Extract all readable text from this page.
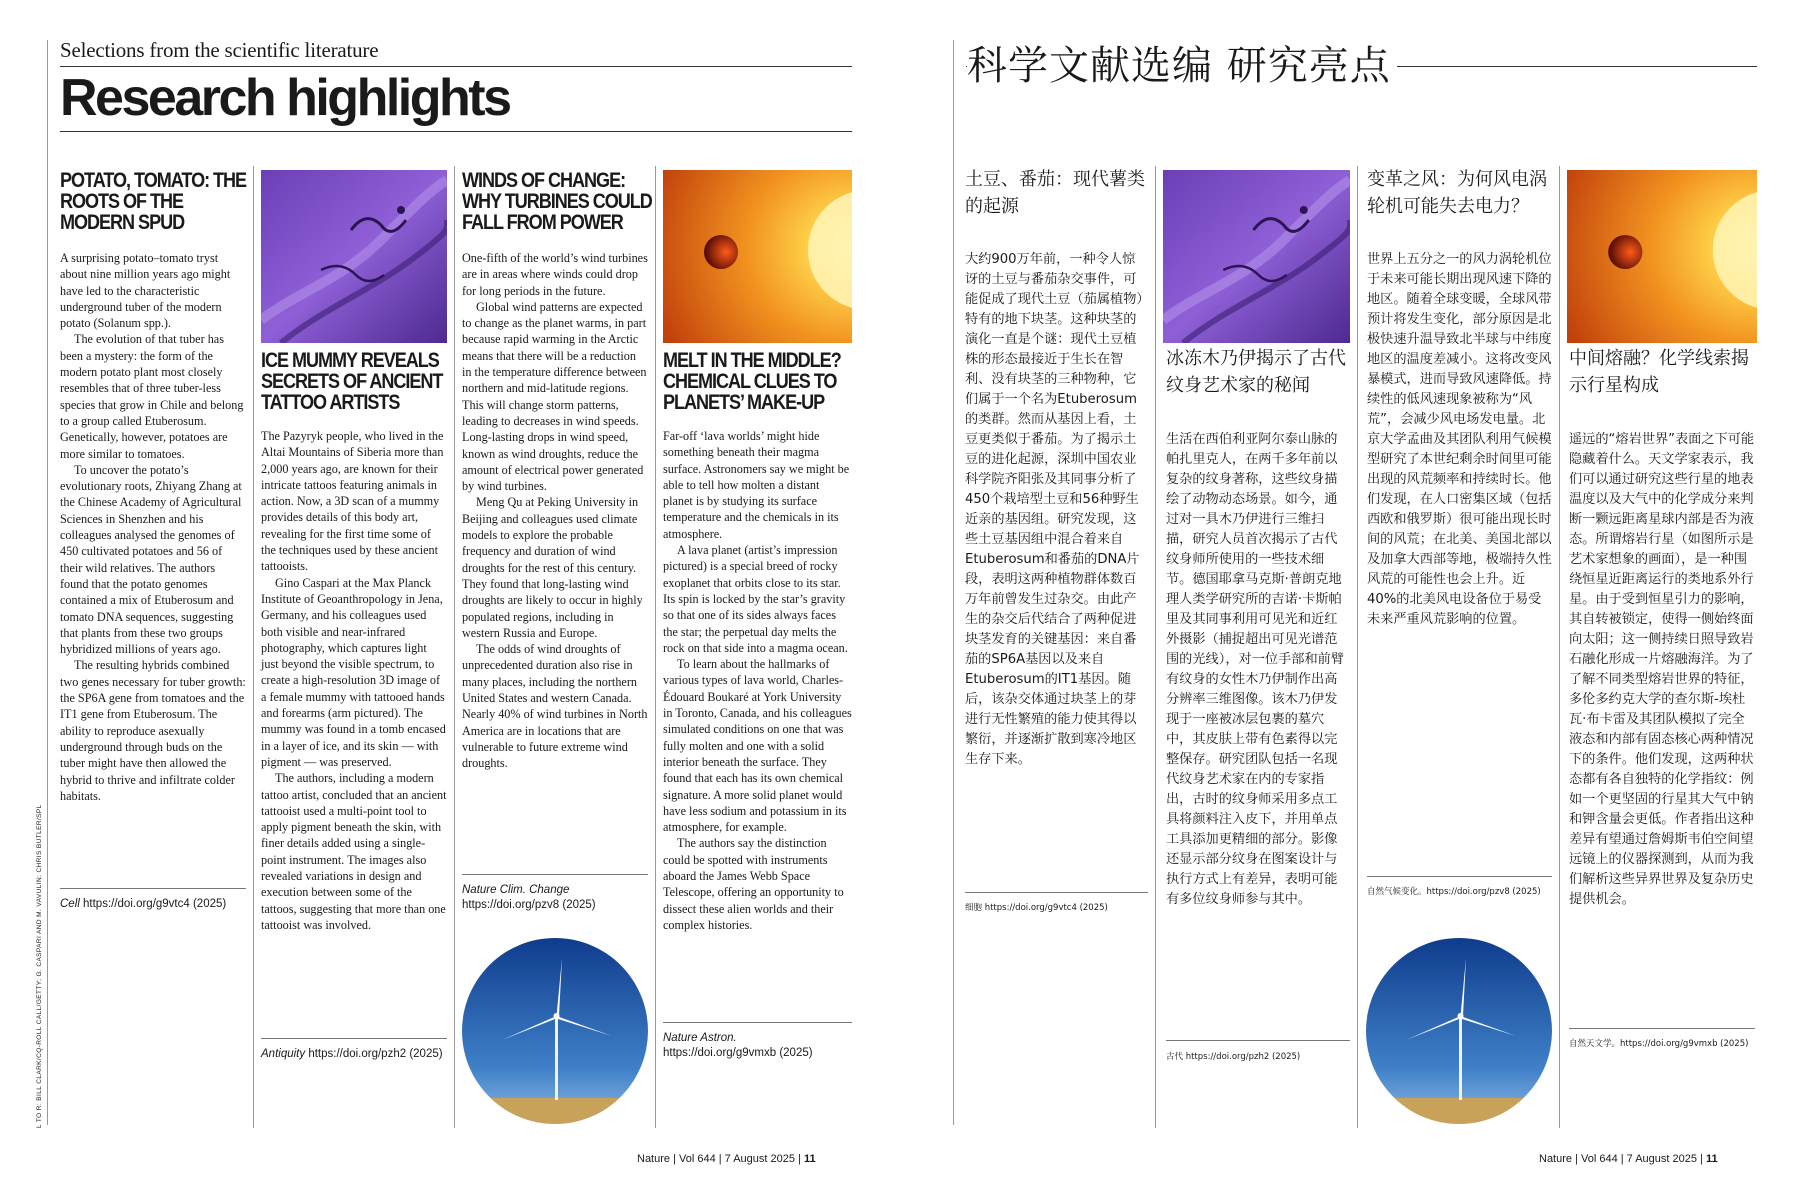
Selections from the scientific literature
Research highlights
POTATO, TOMATO: THE ROOTS OF THE MODERN SPUD

A surprising potato–tomato tryst about nine million years ago might have led to the characteristic underground tuber of the modern potato (Solanum spp.).

The evolution of that tuber has been a mystery: the form of the modern potato plant most closely resembles that of three tuber-less species that grow in Chile and belong to a group called Etuberosum. Genetically, however, potatoes are more similar to tomatoes.

To uncover the potato’s evolutionary roots, Zhiyang Zhang at the Chinese Academy of Agricultural Sciences in Shenzhen and his colleagues analysed the genomes of 450 cultivated potatoes and 56 of their wild relatives. The authors found that the potato genomes contained a mix of Etuberosum and tomato DNA sequences, suggesting that plants from these two groups hybridized millions of years ago.

The resulting hybrids combined two genes necessary for tuber growth: the SP6A gene from tomatoes and the IT1 gene from Etuberosum. The ability to reproduce asexually underground through buds on the tuber might have then allowed the hybrid to thrive and infiltrate colder habitats.

Cell https://doi.org/g9vtc4 (2025)
ICE MUMMY REVEALS SECRETS OF ANCIENT TATTOO ARTISTS

The Pazyryk people, who lived in the Altai Mountains of Siberia more than 2,000 years ago, are known for their intricate tattoos featuring animals in action. Now, a 3D scan of a mummy provides details of this body art, revealing for the first time some of the techniques used by these ancient tattooists.

Gino Caspari at the Max Planck Institute of Geoanthropology in Jena, Germany, and his colleagues used both visible and near-infrared photography, which captures light just beyond the visible spectrum, to create a high-resolution 3D image of a female mummy with tattooed hands and forearms (arm pictured). The mummy was found in a tomb encased in a layer of ice, and its skin — with pigment — was preserved.

The authors, including a modern tattoo artist, concluded that an ancient tattooist used a multi-point tool to apply pigment beneath the skin, with finer details added using a single-point instrument. The images also revealed variations in design and execution between some of the tattoos, suggesting that more than one tattooist was involved.

Antiquity https://doi.org/pzh2 (2025)
WINDS OF CHANGE: WHY TURBINES COULD FALL FROM POWER

One-fifth of the world’s wind turbines are in areas where winds could drop for long periods in the future.

Global wind patterns are expected to change as the planet warms, in part because rapid warming in the Arctic means that there will be a reduction in the temperature difference between northern and mid-latitude regions. This will change storm patterns, leading to decreases in wind speeds. Long-lasting drops in wind speed, known as wind droughts, reduce the amount of electrical power generated by wind turbines.

Meng Qu at Peking University in Beijing and colleagues used climate models to explore the probable frequency and duration of wind droughts for the rest of this century. They found that long-lasting wind droughts are likely to occur in highly populated regions, including in western Russia and Europe.

The odds of wind droughts of unprecedented duration also rise in many places, including the northern United States and western Canada. Nearly 40% of wind turbines in North America are in locations that are vulnerable to future extreme wind droughts.

Nature Clim. Change https://doi.org/pzv8 (2025)
MELT IN THE MIDDLE? CHEMICAL CLUES TO PLANETS’ MAKE-UP

Far-off ‘lava worlds’ might hide something beneath their magma surface. Astronomers say we might be able to tell how molten a distant planet is by studying its surface temperature and the chemicals in its atmosphere.

A lava planet (artist’s impression pictured) is a special breed of rocky exoplanet that orbits close to its star. Its spin is locked by the star’s gravity so that one of its sides always faces the star; the perpetual day melts the rock on that side into a magma ocean.

To learn about the hallmarks of various types of lava world, Charles-Édouard Boukaré at York University in Toronto, Canada, and his colleagues simulated conditions on one that was fully molten and one with a solid interior beneath the surface. They found that each has its own chemical signature. A more solid planet would have less sodium and potassium in its atmosphere, for example.

The authors say the distinction could be spotted with instruments aboard the James Webb Space Telescope, offering an opportunity to dissect these alien worlds and their complex histories.

Nature Astron. https://doi.org/g9vmxb (2025)
L TO R: BILL CLARK/CQ-ROLL CALL/GETTY; G. CASPARI AND M. VAVULIN; CHRIS BUTLER/SPL
Nature | Vol 644 | 7 August 2025 | 11
科学文献选编 研究亮点
土豆、番茄：现代薯类的起源

大约900万年前，一种令人惊讶的土豆与番茄杂交事件，可能促成了现代土豆（茄属植物）特有的地下块茎。这种块茎的演化一直是个谜：现代土豆植株的形态最接近于生长在智利、没有块茎的三种物种，它们属于一个名为Etuberosum的类群。然而从基因上看，土豆更类似于番茄。为了揭示土豆的进化起源，深圳中国农业科学院齐阳张及其同事分析了450个栽培型土豆和56种野生近亲的基因组。研究发现，这些土豆基因组中混合着来自Etuberosum和番茄的DNA片段，表明这两种植物群体数百万年前曾发生过杂交。由此产生的杂交后代结合了两种促进块茎发育的关键基因：来自番茄的SP6A基因以及来自Etuberosum的IT1基因。随后，该杂交体通过块茎上的芽进行无性繁殖的能力使其得以繁衍，并逐渐扩散到寒冷地区生存下来。

细胞 https://doi.org/g9vtc4 (2025)
冰冻木乃伊揭示了古代纹身艺术家的秘闻

生活在西伯利亚阿尔泰山脉的帕扎里克人，在两千多年前以复杂的纹身著称，这些纹身描绘了动物动态场景。如今，通过对一具木乃伊进行三维扫描，研究人员首次揭示了古代纹身师所使用的一些技术细节。德国耶拿马克斯·普朗克地理人类学研究所的吉诺·卡斯帕里及其同事利用可见光和近红外摄影（捕捉超出可见光谱范围的光线），对一位手部和前臂有纹身的女性木乃伊制作出高分辨率三维图像。该木乃伊发现于一座被冰层包裹的墓穴中，其皮肤上带有色素得以完整保存。研究团队包括一名现代纹身艺术家在内的专家指出，古时的纹身师采用多点工具将颜料注入皮下，并用单点工具添加更精细的部分。影像还显示部分纹身在图案设计与执行方式上有差异，表明可能有多位纹身师参与其中。

古代 https://doi.org/pzh2 (2025)
变革之风：为何风电涡轮机可能失去电力？

世界上五分之一的风力涡轮机位于未来可能长期出现风速下降的地区。随着全球变暖，全球风带预计将发生变化，部分原因是北极快速升温导致北半球与中纬度地区的温度差减小。这将改变风暴模式，进而导致风速降低。持续性的低风速现象被称为“风荒”，会减少风电场发电量。北京大学孟曲及其团队利用气候模型研究了本世纪剩余时间里可能出现的风荒频率和持续时长。他们发现，在人口密集区域（包括西欧和俄罗斯）很可能出现长时间的风荒；在北美、美国北部以及加拿大西部等地，极端持久性风荒的可能性也会上升。近40%的北美风电设备位于易受未来严重风荒影响的位置。

自然气候变化。https://doi.org/pzv8 (2025)
中间熔融？化学线索揭示行星构成

遥远的“熔岩世界”表面之下可能隐藏着什么。天文学家表示，我们可以通过研究这些行星的地表温度以及大气中的化学成分来判断一颗远距离星球内部是否为液态。所谓熔岩行星（如图所示是艺术家想象的画面），是一种围绕恒星近距离运行的类地系外行星。由于受到恒星引力的影响，其自转被锁定，使得一侧始终面向太阳；这一侧持续日照导致岩石融化形成一片熔融海洋。为了了解不同类型熔岩世界的特征，多伦多约克大学的查尔斯-埃杜瓦·布卡雷及其团队模拟了完全液态和内部有固态核心两种情况下的条件。他们发现，这两种状态都有各自独特的化学指纹：例如一个更坚固的行星其大气中钠和钾含量会更低。作者指出这种差异有望通过詹姆斯韦伯空间望远镜上的仪器探测到，从而为我们解析这些异界世界及复杂历史提供机会。

自然天文学。https://doi.org/g9vmxb (2025)
Nature | Vol 644 | 7 August 2025 | 11
